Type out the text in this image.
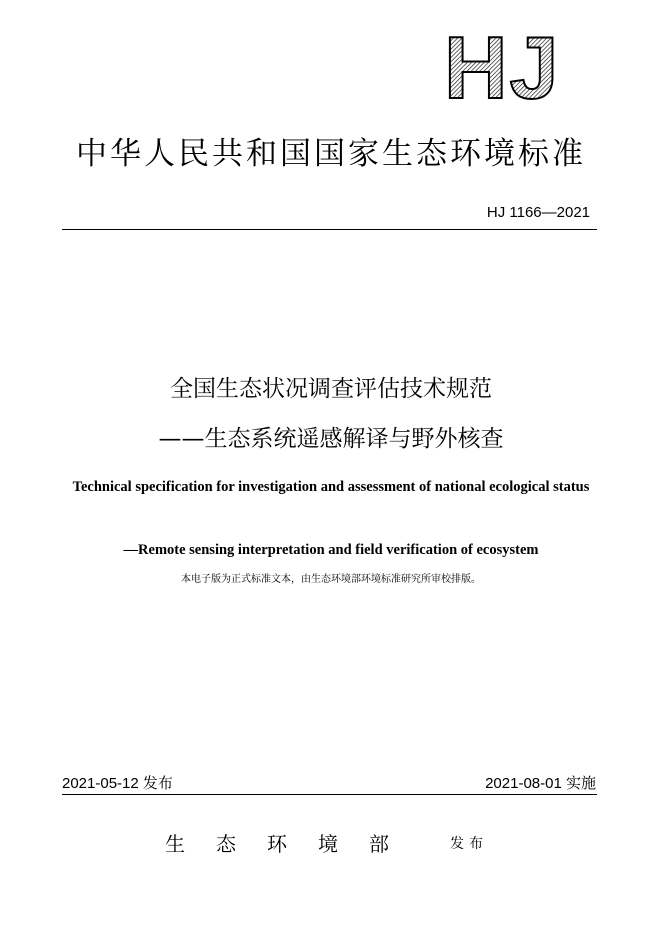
HJ
中华人民共和国国家生态环境标准
HJ 1166—2021
全国生态状况调查评估技术规范
——生态系统遥感解译与野外核查
Technical specification for investigation and assessment of national ecological status
—Remote sensing interpretation and field verification of ecosystem
本电子版为正式标准文本，由生态环境部环境标准研究所审校排版。
2021-05-12 发布	2021-08-01 实施
生态环境部 发布
